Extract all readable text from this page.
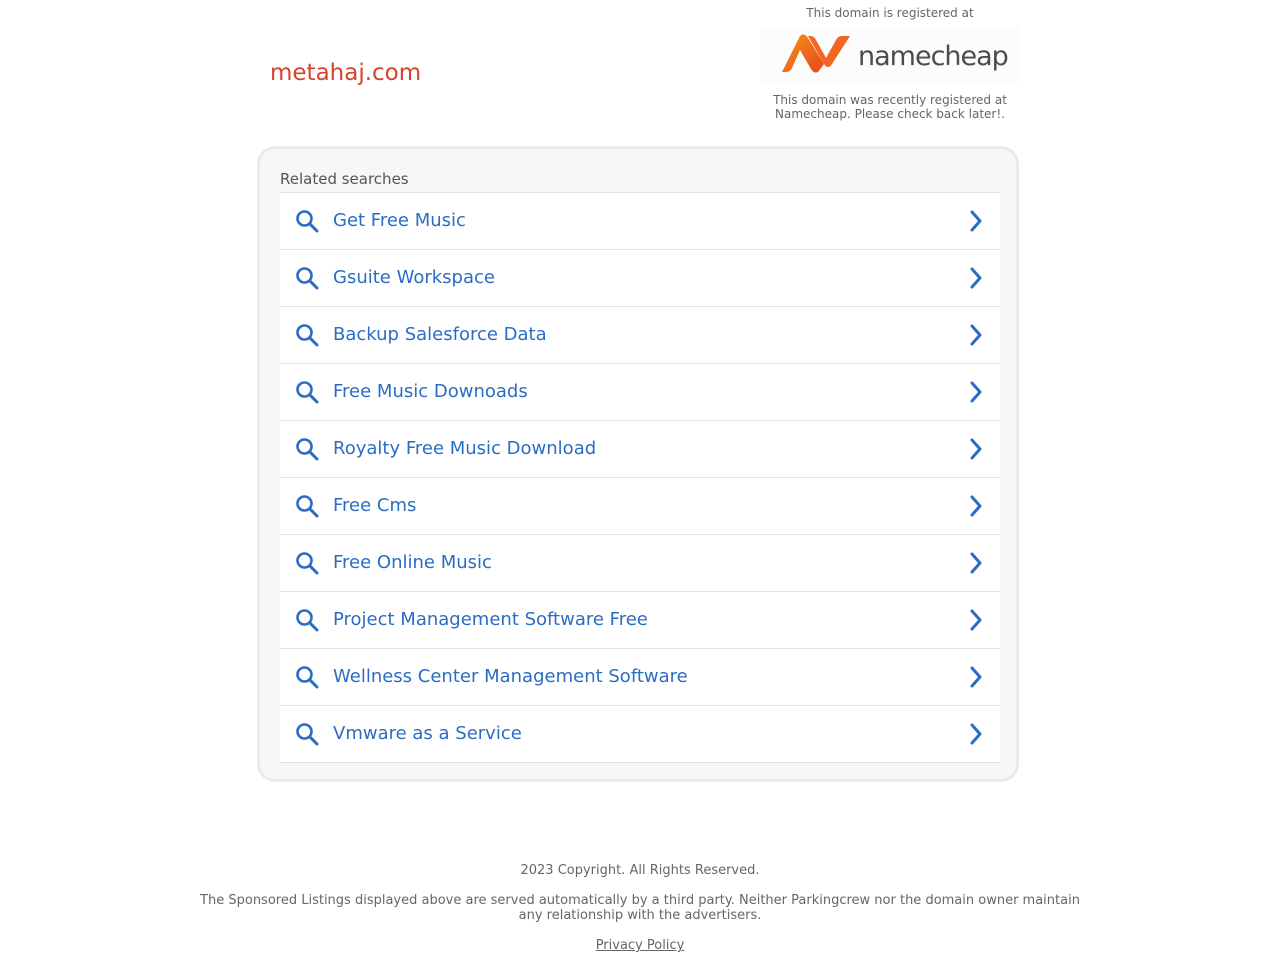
metahaj.com
This domain is registered at
namecheap
This domain was recently registered at Namecheap. Please check back later!.
Related searches
Get Free Music
Gsuite Workspace
Backup Salesforce Data
Free Music Downoads
Royalty Free Music Download
Free Cms
Free Online Music
Project Management Software Free
Wellness Center Management Software
Vmware as a Service
2023 Copyright. All Rights Reserved.
The Sponsored Listings displayed above are served automatically by a third party. Neither Parkingcrew nor the domain owner maintain any relationship with the advertisers.
Privacy Policy
